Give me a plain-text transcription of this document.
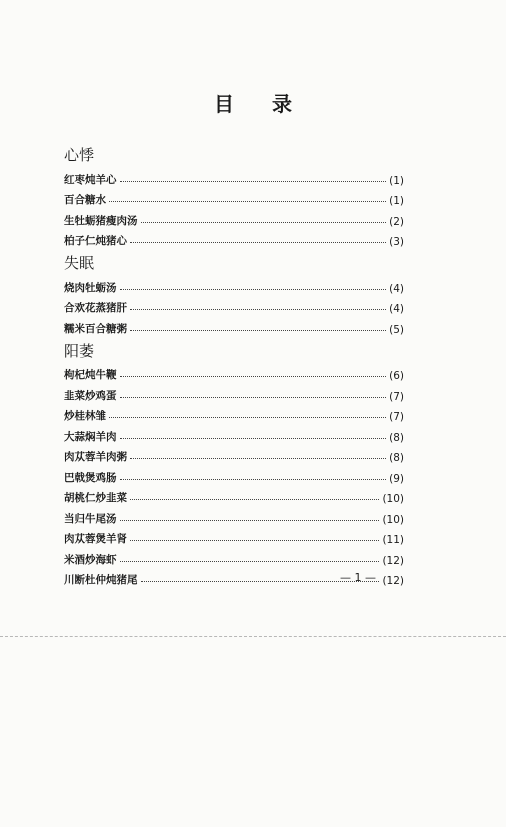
目 录
心悸
红枣炖羊心	(1)
百合糖水	(1)
生牡蛎猪瘦肉汤	(2)
柏子仁炖猪心	(3)
失眠
烧肉牡蛎汤	(4)
合欢花蒸猪肝	(4)
糯米百合糖粥	(5)
阳萎
枸杞炖牛鞭	(6)
韭菜炒鸡蛋	(7)
炒桂林雏	(7)
大蒜焖羊肉	(8)
肉苁蓉羊肉粥	(8)
巴戟煲鸡肠	(9)
胡桃仁炒韭菜	(10)
当归牛尾汤	(10)
肉苁蓉煲羊肾	(11)
米酒炒海虾	(12)
川断杜仲炖猪尾	(12)
— 1 —
